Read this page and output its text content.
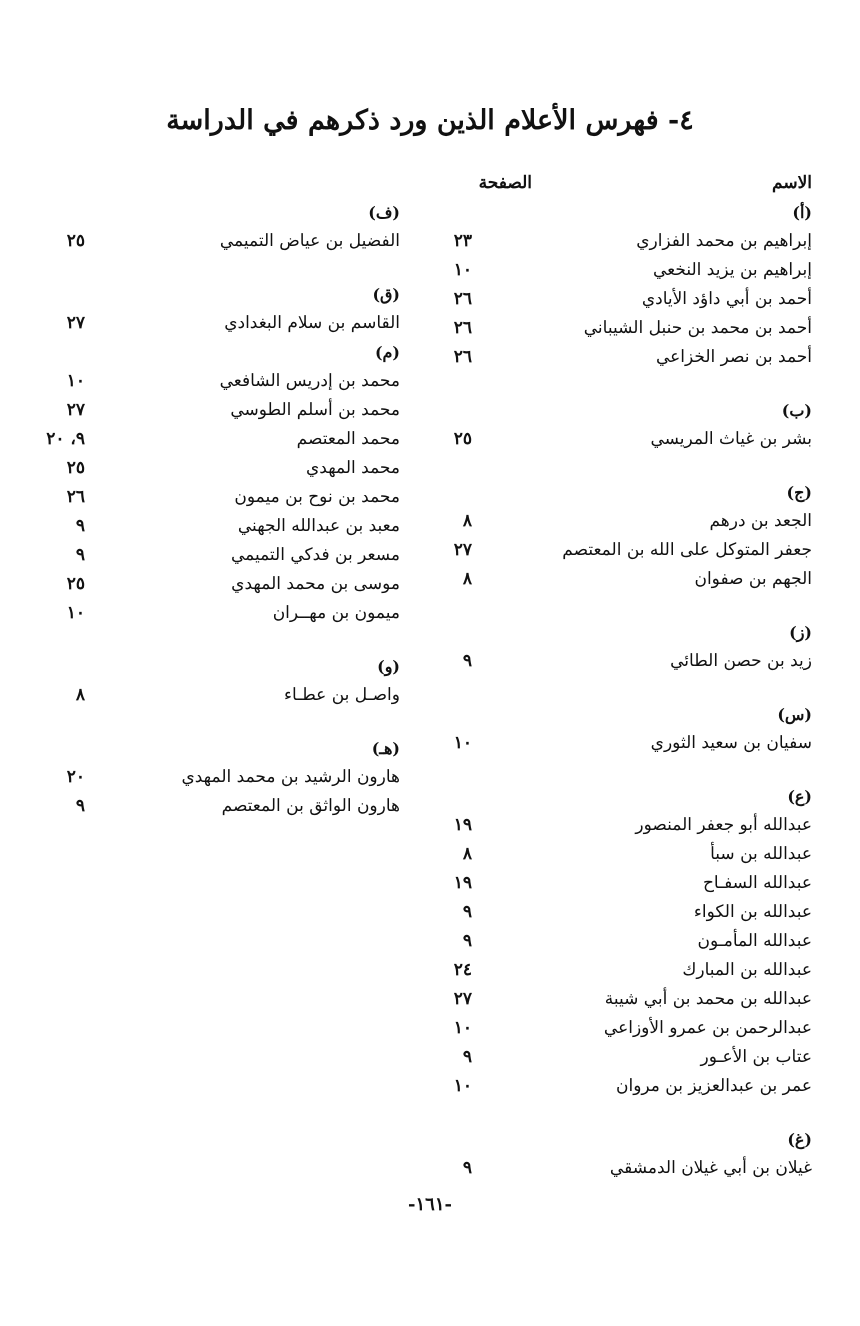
٤- فهرس الأعلام الذين ورد ذكرهم في الدراسة
الاسم
الصفحة
(أ)
إبراهيم بن محمد الفزاري
٢٣
إبراهيم بن يزيد النخعي
١٠
أحمد بن أبي داؤد الأيادي
٢٦
أحمد بن محمد بن حنبل الشيباني
٢٦
أحمد بن نصر الخزاعي
٢٦
(ب)
بشر بن غياث المريسي
٢٥
(ج)
الجعد بن درهم
٨
جعفر المتوكل على الله بن المعتصم
٢٧
الجهم بن صفوان
٨
(ز)
زيد بن حصن الطائي
٩
(س)
سفيان بن سعيد الثوري
١٠
(ع)
عبدالله أبو جعفر المنصور
١٩
عبدالله بن سبأ
٨
عبدالله السفـاح
١٩
عبدالله بن الكواء
٩
عبدالله المأمـون
٩
عبدالله بن المبارك
٢٤
عبدالله بن محمد بن أبي شيبة
٢٧
عبدالرحمن بن عمرو الأوزاعي
١٠
عتاب بن الأعـور
٩
عمر بن عبدالعزيز بن مروان
١٠
(غ)
غيلان بن أبي غيلان الدمشقي
٩
(ف)
الفضيل بن عياض التميمي
٢٥
(ق)
القاسم بن سلام البغدادي
٢٧
(م)
محمد بن إدريس الشافعي
١٠
محمد بن أسلم الطوسي
٢٧
محمد المعتصم
٩، ٢٠
محمد المهدي
٢٥
محمد بن نوح بن ميمون
٢٦
معبد بن عبدالله الجهني
٩
مسعر بن فدكي التميمي
٩
موسى بن محمد المهدي
٢٥
ميمون بن مهــران
١٠
(و)
واصـل بن عطـاء
٨
(هـ)
هارون الرشيد بن محمد المهدي
٢٠
هارون الواثق بن المعتصم
٩
-١٦١-
